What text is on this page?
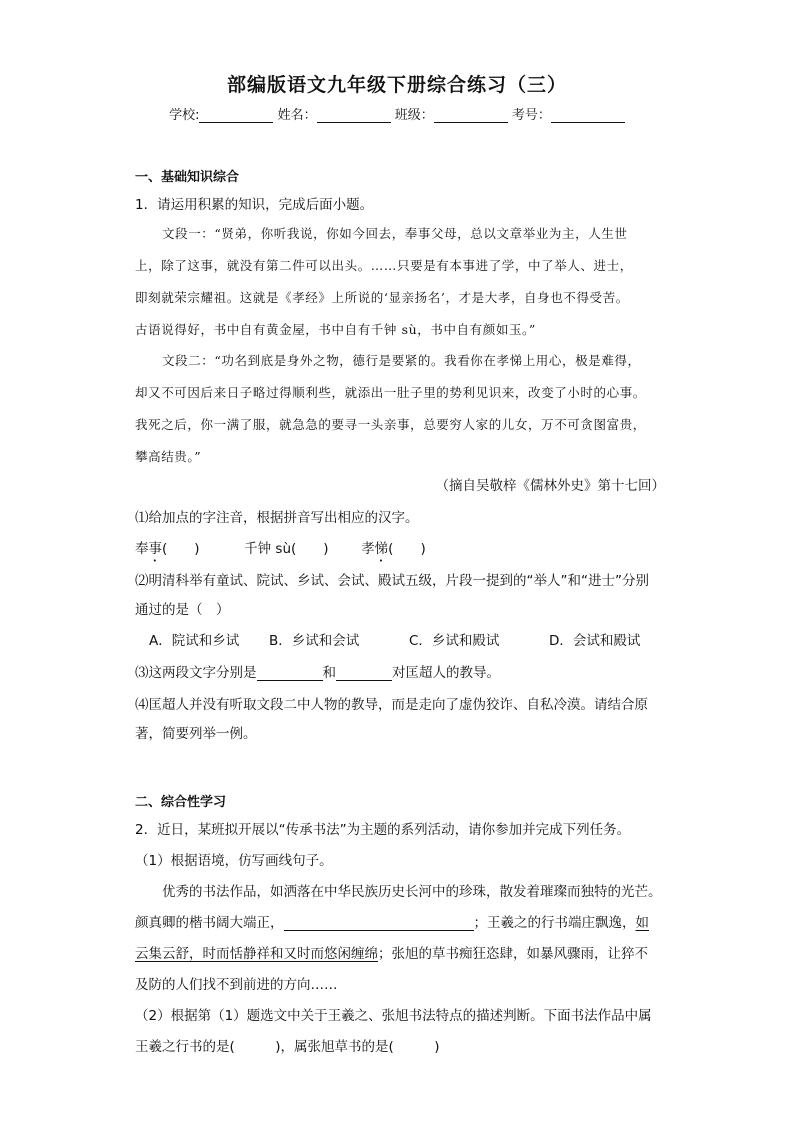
部编版语文九年级下册综合练习（三）
学校:	姓名：	班级：	考号：
一、基础知识综合
1．请运用积累的知识，完成后面小题。
文段一：“贤弟，你听我说，你如今回去，奉事父母，总以文章举业为主，人生世
上，除了这事，就没有第二件可以出头。……只要是有本事进了学，中了举人、进士，
即刻就荣宗耀祖。这就是《孝经》上所说的‘显亲扬名’，才是大孝，自身也不得受苦。
古语说得好，书中自有黄金屋，书中自有千钟 sù，书中自有颜如玉。”
文段二：“功名到底是身外之物，德行是要紧的。我看你在孝悌上用心，极是难得，
却又不可因后来日子略过得顺利些，就添出一肚子里的势利见识来，改变了小时的心事。
我死之后，你一满了服，就急急的要寻一头亲事，总要穷人家的儿女，万不可贪图富贵，
攀高结贵。”
（摘自吴敬梓《儒林外史》第十七回）
⑴给加点的字注音，根据拼音写出相应的汉字。
奉事(　　)	千钟 sù(　　) 孝悌(　　)
⑵明清科举有童试、院试、乡试、会试、殿试五级，片段一提到的“举人”和“进士”分别
通过的是（　）
A．院试和乡试 B．乡试和会试	C．乡试和殿试	D．会试和殿试
⑶这两段文字分别是	和	对匡超人的教导。
⑷匡超人并没有听取文段二中人物的教导，而是走向了虚伪狡诈、自私冷漠。请结合原
著，简要列举一例。
二、综合性学习
2．近日，某班拟开展以“传承书法”为主题的系列活动，请你参加并完成下列任务。
（1）根据语境，仿写画线句子。
优秀的书法作品，如洒落在中华民族历史长河中的珍珠，散发着璀璨而独特的光芒。
颜真卿的楷书阔大端正，	；王羲之的行书端庄飘逸，如
云集云舒，时而恬静祥和又时而悠闲缠绵；张旭的草书痴狂恣肆，如暴风骤雨，让猝不
及防的人们找不到前进的方向……
（2）根据第（1）题选文中关于王羲之、张旭书法特点的描述判断。下面书法作品中属
王羲之行书的是(　　　)，属张旭草书的是(　　　)
